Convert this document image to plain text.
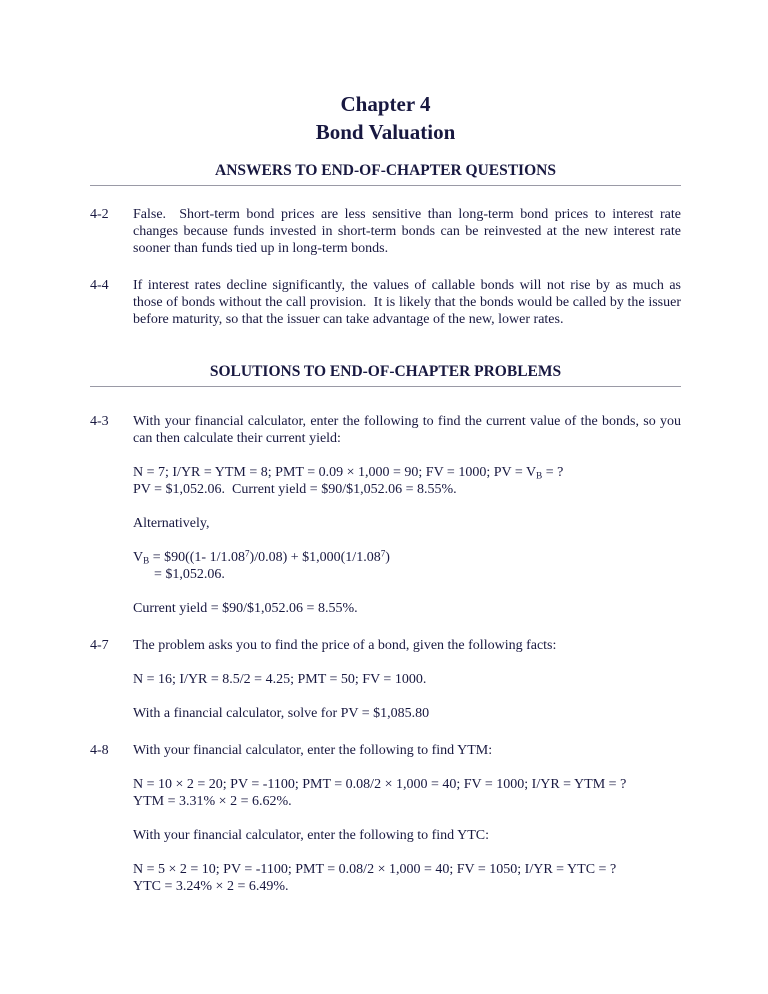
Chapter 4
Bond Valuation
ANSWERS TO END-OF-CHAPTER QUESTIONS
4-2	False.  Short-term bond prices are less sensitive than long-term bond prices to interest rate changes because funds invested in short-term bonds can be reinvested at the new interest rate sooner than funds tied up in long-term bonds.

4-4	If interest rates decline significantly, the values of callable bonds will not rise by as much as those of bonds without the call provision.  It is likely that the bonds would be called by the issuer before maturity, so that the issuer can take advantage of the new, lower rates.

SOLUTIONS TO END-OF-CHAPTER PROBLEMS
4-3	With your financial calculator, enter the following to find the current value of the bonds, so you can then calculate their current yield:

N = 7; I/YR = YTM = 8; PMT = 0.09 × 1,000 = 90; FV = 1000; PV = $V_B$ = ?

PV = $1,052.06.  Current yield = $90/$1,052.06 = 8.55%.

Alternatively,

$V_B$ = $90((1- $1/1.08^7)/0.08$) + $\$1,000(1/1.08^7)$

= $1,052.06.

Current yield = $90/$1,052.06 = 8.55%.

4-7	The problem asks you to find the price of a bond, given the following facts:

N = 16; I/YR = 8.5/2 = 4.25; PMT = 50; FV = 1000.

With a financial calculator, solve for PV = $1,085.80

4-8	With your financial calculator, enter the following to find YTM:

N = 10 × 2 = 20; PV = -1100; PMT = 0.08/2 × 1,000 = 40; FV = 1000; I/YR = YTM = ?

YTM = 3.31% × 2 = 6.62%.

With your financial calculator, enter the following to find YTC:

N = 5 × 2 = 10; PV = -1100; PMT = 0.08/2 × 1,000 = 40; FV = 1050; I/YR = YTC = ?

YTC = 3.24% × 2 = 6.49%.
